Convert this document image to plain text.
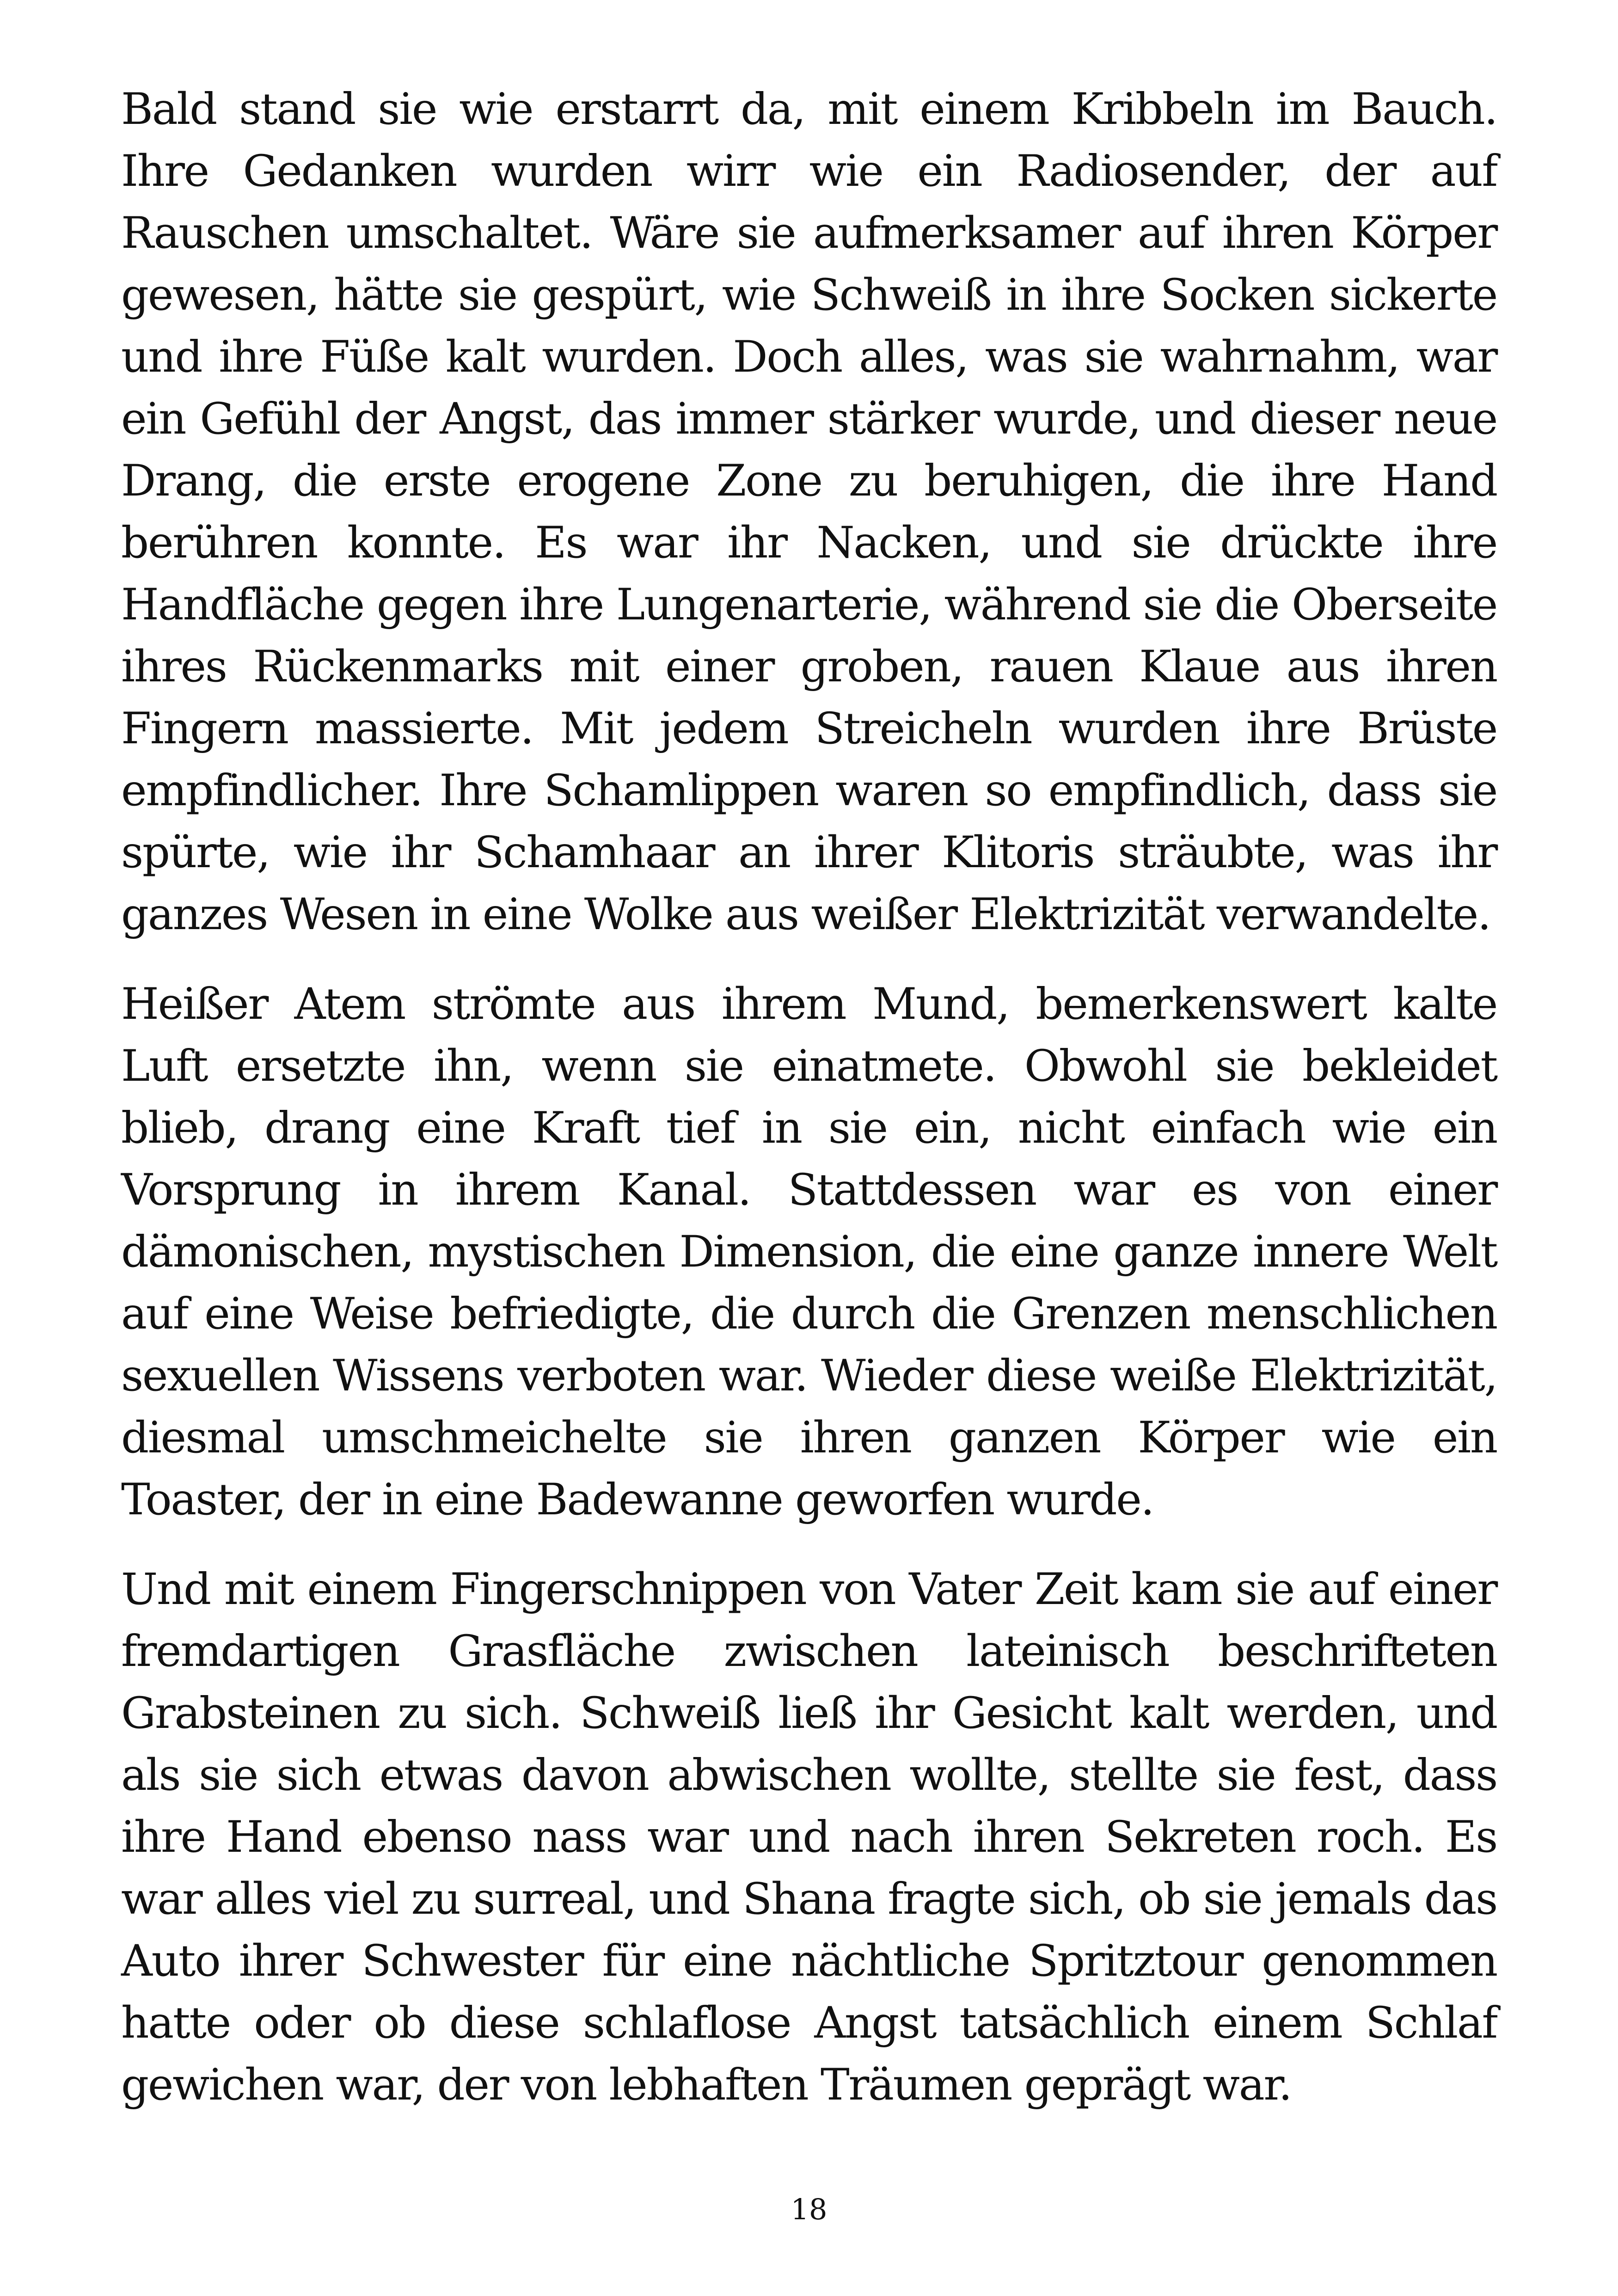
Bald stand sie wie erstarrt da, mit einem Kribbeln im Bauch. Ihre Gedanken wurden wirr wie ein Radiosender, der auf Rauschen umschaltet. Wäre sie aufmerksamer auf ihren Körper gewesen, hätte sie gespürt, wie Schweiß in ihre Socken sickerte und ihre Füße kalt wurden. Doch alles, was sie wahrnahm, war ein Gefühl der Angst, das immer stärker wurde, und dieser neue Drang, die erste erogene Zone zu beruhigen, die ihre Hand berühren konnte. Es war ihr Nacken, und sie drückte ihre Handfläche gegen ihre Lungenarterie, während sie die Oberseite ihres Rückenmarks mit einer groben, rauen Klaue aus ihren Fingern massierte. Mit jedem Streicheln wurden ihre Brüste empfindlicher. Ihre Schamlippen waren so empfindlich, dass sie spürte, wie ihr Schamhaar an ihrer Klitoris sträubte, was ihr ganzes Wesen in eine Wolke aus weißer Elektrizität verwandelte.

Heißer Atem strömte aus ihrem Mund, bemerkenswert kalte Luft ersetzte ihn, wenn sie einatmete. Obwohl sie bekleidet blieb, drang eine Kraft tief in sie ein, nicht einfach wie ein Vorsprung in ihrem Kanal. Stattdessen war es von einer dämonischen, mystischen Dimension, die eine ganze innere Welt auf eine Weise befriedigte, die durch die Grenzen menschlichen sexuellen Wissens verboten war. Wieder diese weiße Elektrizität, diesmal umschmeichelte sie ihren ganzen Körper wie ein Toaster, der in eine Badewanne geworfen wurde.

Und mit einem Fingerschnippen von Vater Zeit kam sie auf einer fremdartigen Grasfläche zwischen lateinisch beschrifteten Grabsteinen zu sich. Schweiß ließ ihr Gesicht kalt werden, und als sie sich etwas davon abwischen wollte, stellte sie fest, dass ihre Hand ebenso nass war und nach ihren Sekreten roch. Es war alles viel zu surreal, und Shana fragte sich, ob sie jemals das Auto ihrer Schwester für eine nächtliche Spritztour genommen hatte oder ob diese schlaflose Angst tatsächlich einem Schlaf gewichen war, der von lebhaften Träumen geprägt war.

18
